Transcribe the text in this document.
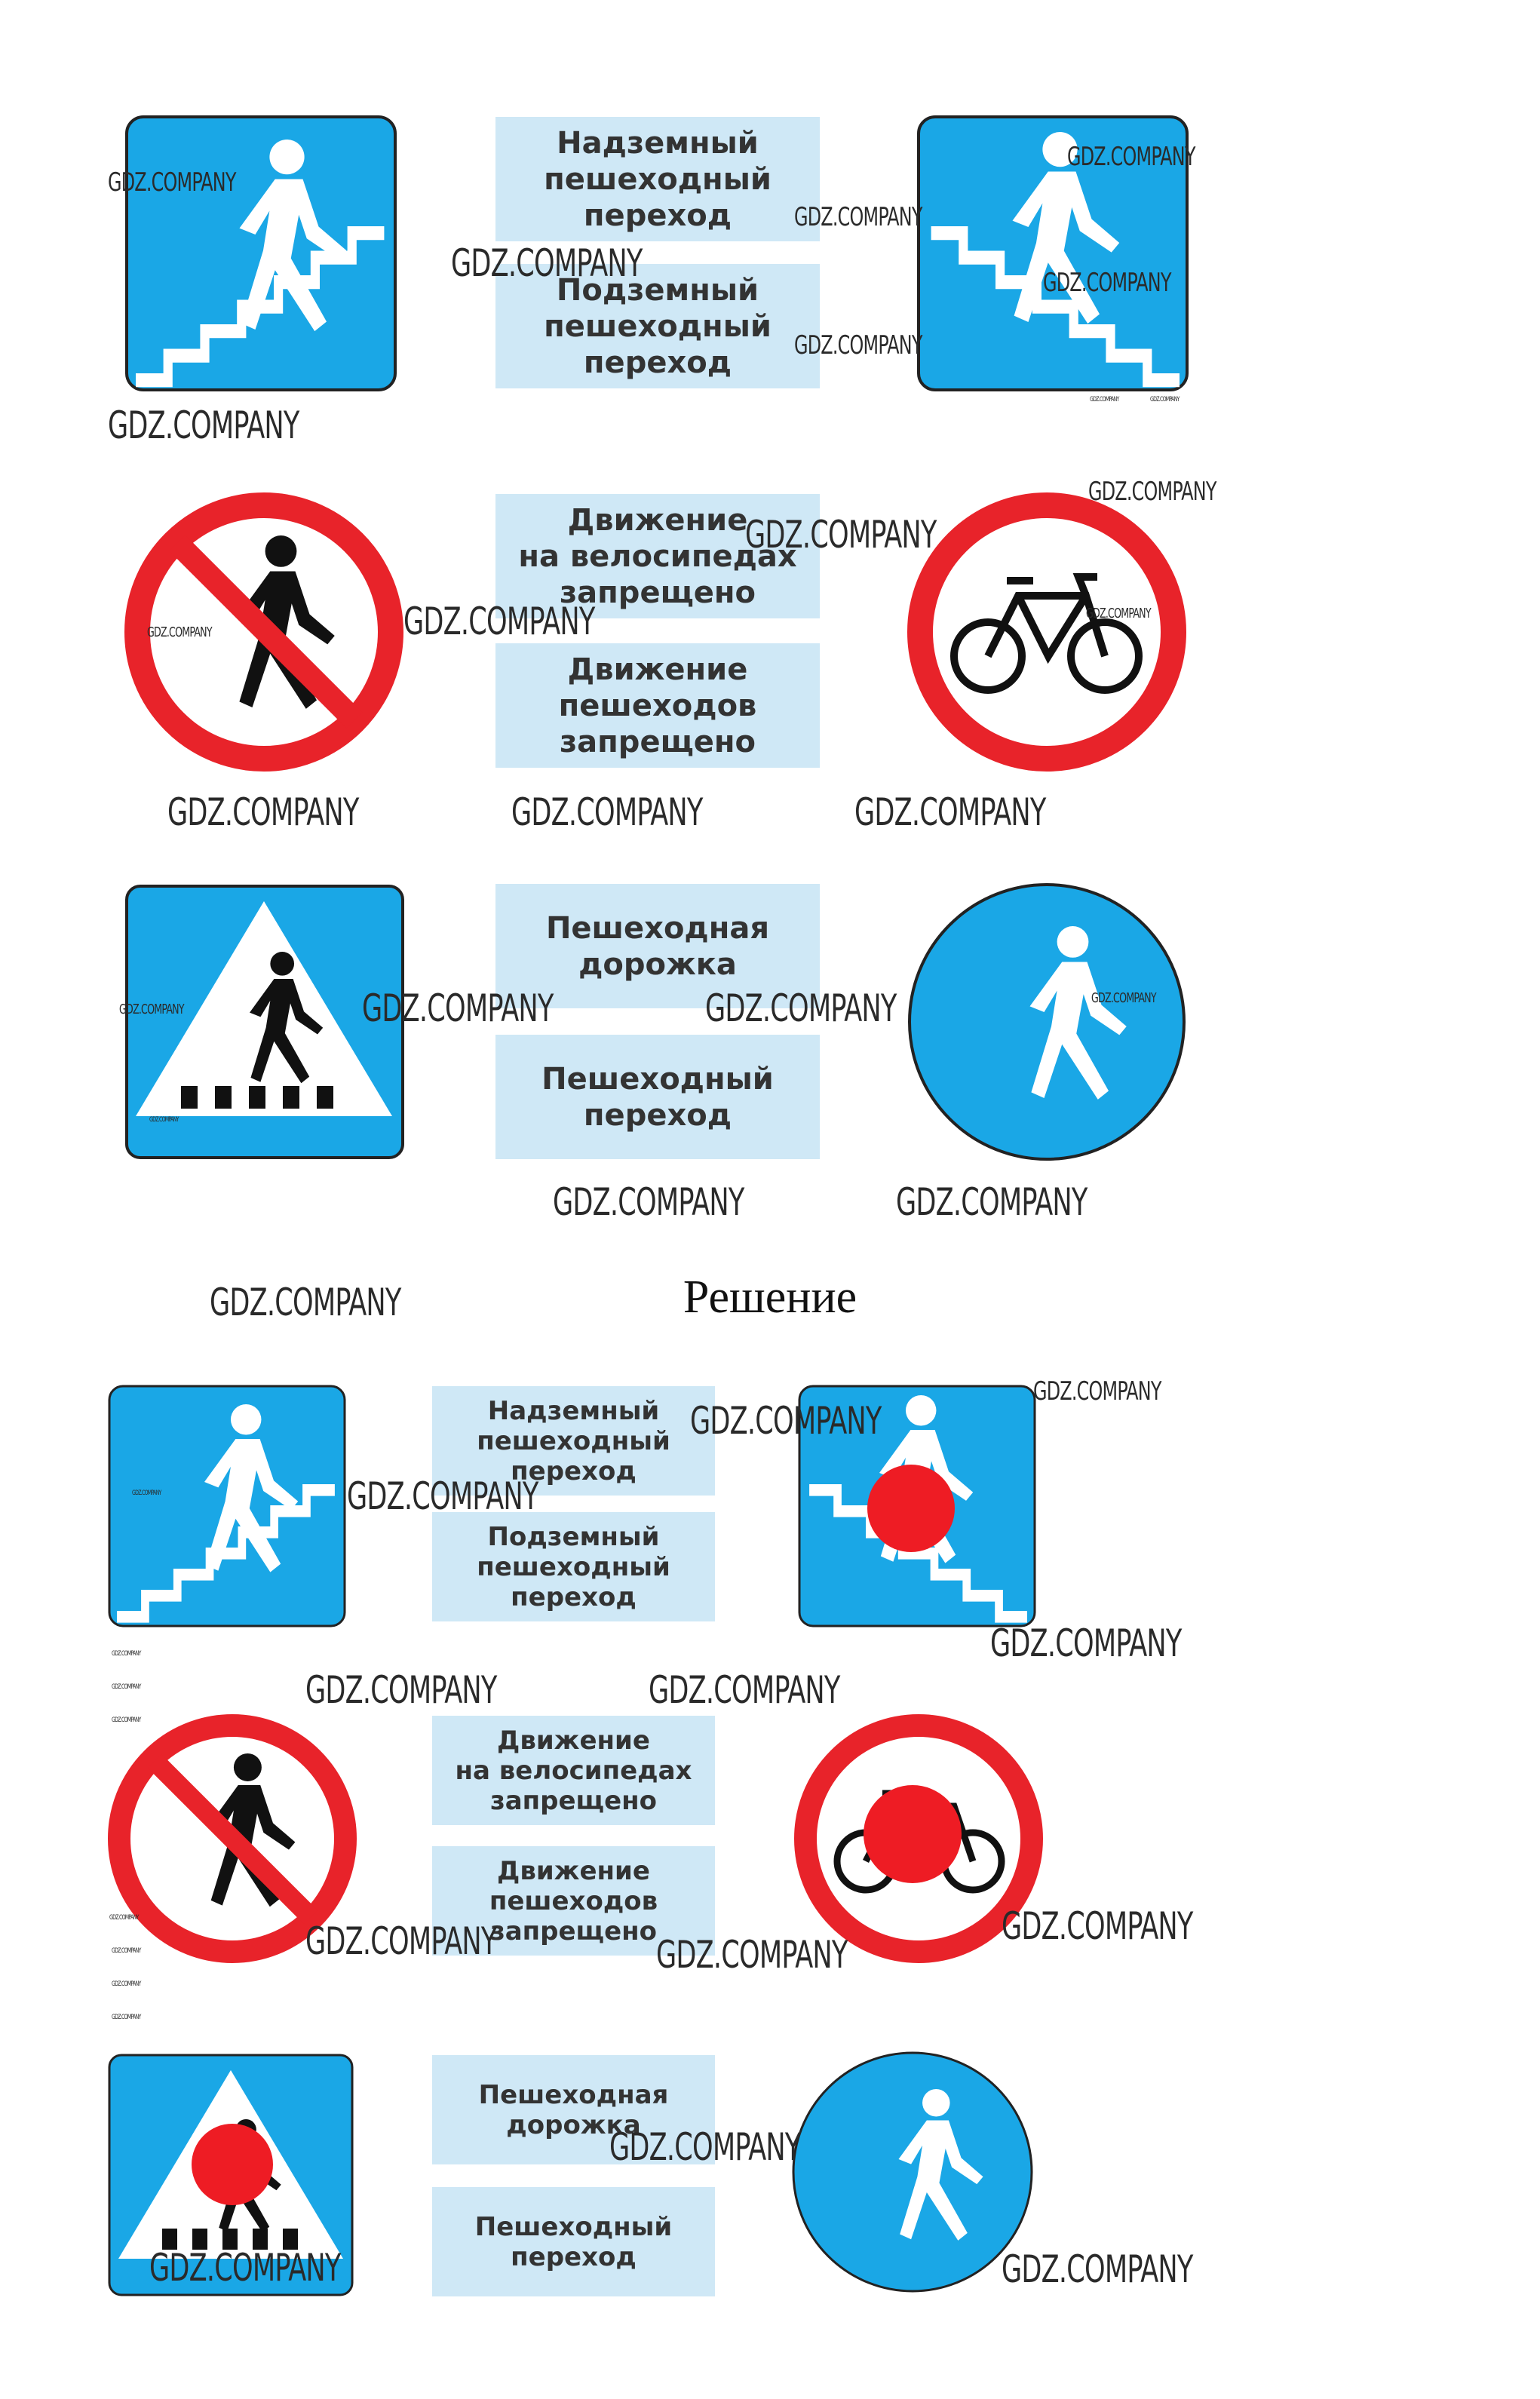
Надземный
пешеходный
переход
Подземный
пешеходный
переход
Движение
на велосипедах
запрещено
Движение
пешеходов
запрещено
Пешеходная
дорожка
Пешеходный
переход
Решение
Надземный
пешеходный
переход
Подземный
пешеходный
переход
Движение
на велосипедах
запрещено
Движение
пешеходов
запрещено
Пешеходная
дорожка
Пешеходный
переход
GDZ.COMPANY
GDZ.COMPANY
GDZ.COMPANY
GDZ.COMPANY
GDZ.COMPANY
GDZ.COMPANY
GDZ.COMPANY
GDZ.COMPANY	GDZ.COMPANY
GDZ.COMPANY
GDZ.COMPANY
GDZ.COMPANY
GDZ.COMPANY
GDZ.COMPANY
GDZ.COMPANY	GDZ.COMPANY	GDZ.COMPANY
GDZ.COMPANY	GDZ.COMPANY	GDZ.COMPANY	GDZ.COMPANY
GDZ.COMPANY
GDZ.COMPANY	GDZ.COMPANY
GDZ.COMPANY
GDZ.COMPANY
GDZ.COMPANY
GDZ.COMPANY	GDZ.COMPANY
GDZ.COMPANY
GDZ.COMPANY
GDZ.COMPANY
GDZ.COMPANY
GDZ.COMPANY	GDZ.COMPANY
GDZ.COMPANY
GDZ.COMPANY
GDZ.COMPANY
GDZ.COMPANY
GDZ.COMPANY	GDZ.COMPANY
GDZ.COMPANY
GDZ.COMPANY
GDZ.COMPANY	GDZ.COMPANY
